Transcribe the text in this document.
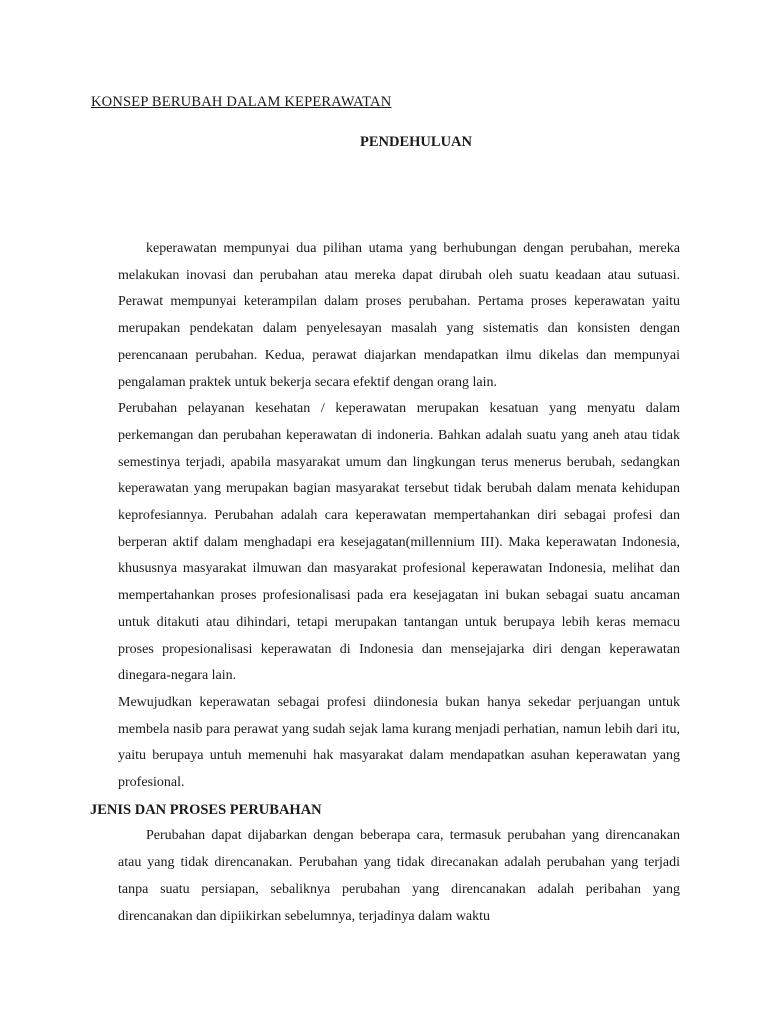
KONSEP BERUBAH DALAM KEPERAWATAN
PENDEHULUAN

keperawatan mempunyai dua pilihan utama yang berhubungan dengan perubahan, mereka melakukan inovasi dan perubahan atau mereka dapat dirubah oleh suatu keadaan atau sutuasi. Perawat mempunyai keterampilan dalam proses perubahan. Pertama proses keperawatan yaitu merupakan pendekatan dalam penyelesayan masalah yang sistematis dan konsisten dengan perencanaan perubahan. Kedua, perawat diajarkan mendapatkan ilmu dikelas dan mempunyai pengalaman praktek untuk bekerja secara efektif dengan orang lain.

Perubahan pelayanan kesehatan / keperawatan merupakan kesatuan yang menyatu dalam perkemangan dan perubahan keperawatan di indoneria. Bahkan adalah suatu yang aneh atau tidak semestinya terjadi, apabila masyarakat umum dan lingkungan terus menerus berubah, sedangkan keperawatan yang merupakan bagian masyarakat tersebut tidak berubah dalam menata kehidupan keprofesiannya. Perubahan adalah cara keperawatan mempertahankan diri sebagai profesi dan berperan aktif dalam menghadapi era kesejagatan(millennium III). Maka keperawatan Indonesia, khususnya masyarakat ilmuwan dan masyarakat profesional keperawatan Indonesia, melihat dan mempertahankan proses profesionalisasi pada era kesejagatan ini bukan sebagai suatu ancaman untuk ditakuti atau dihindari, tetapi merupakan tantangan untuk berupaya lebih keras memacu proses propesionalisasi keperawatan di Indonesia dan mensejajarka diri dengan keperawatan dinegara-negara lain.

Mewujudkan keperawatan sebagai profesi diindonesia bukan hanya sekedar perjuangan untuk membela nasib para perawat yang sudah sejak lama kurang menjadi perhatian, namun lebih dari itu, yaitu berupaya untuh memenuhi hak masyarakat dalam mendapatkan asuhan keperawatan yang profesional.

JENIS DAN PROSES PERUBAHAN

Perubahan dapat dijabarkan dengan beberapa cara, termasuk perubahan yang direncanakan atau yang tidak direncanakan. Perubahan yang tidak direcanakan adalah perubahan yang terjadi tanpa suatu persiapan, sebaliknya perubahan yang direncanakan adalah peribahan yang direncanakan dan dipiikirkan sebelumnya, terjadinya dalam waktu
